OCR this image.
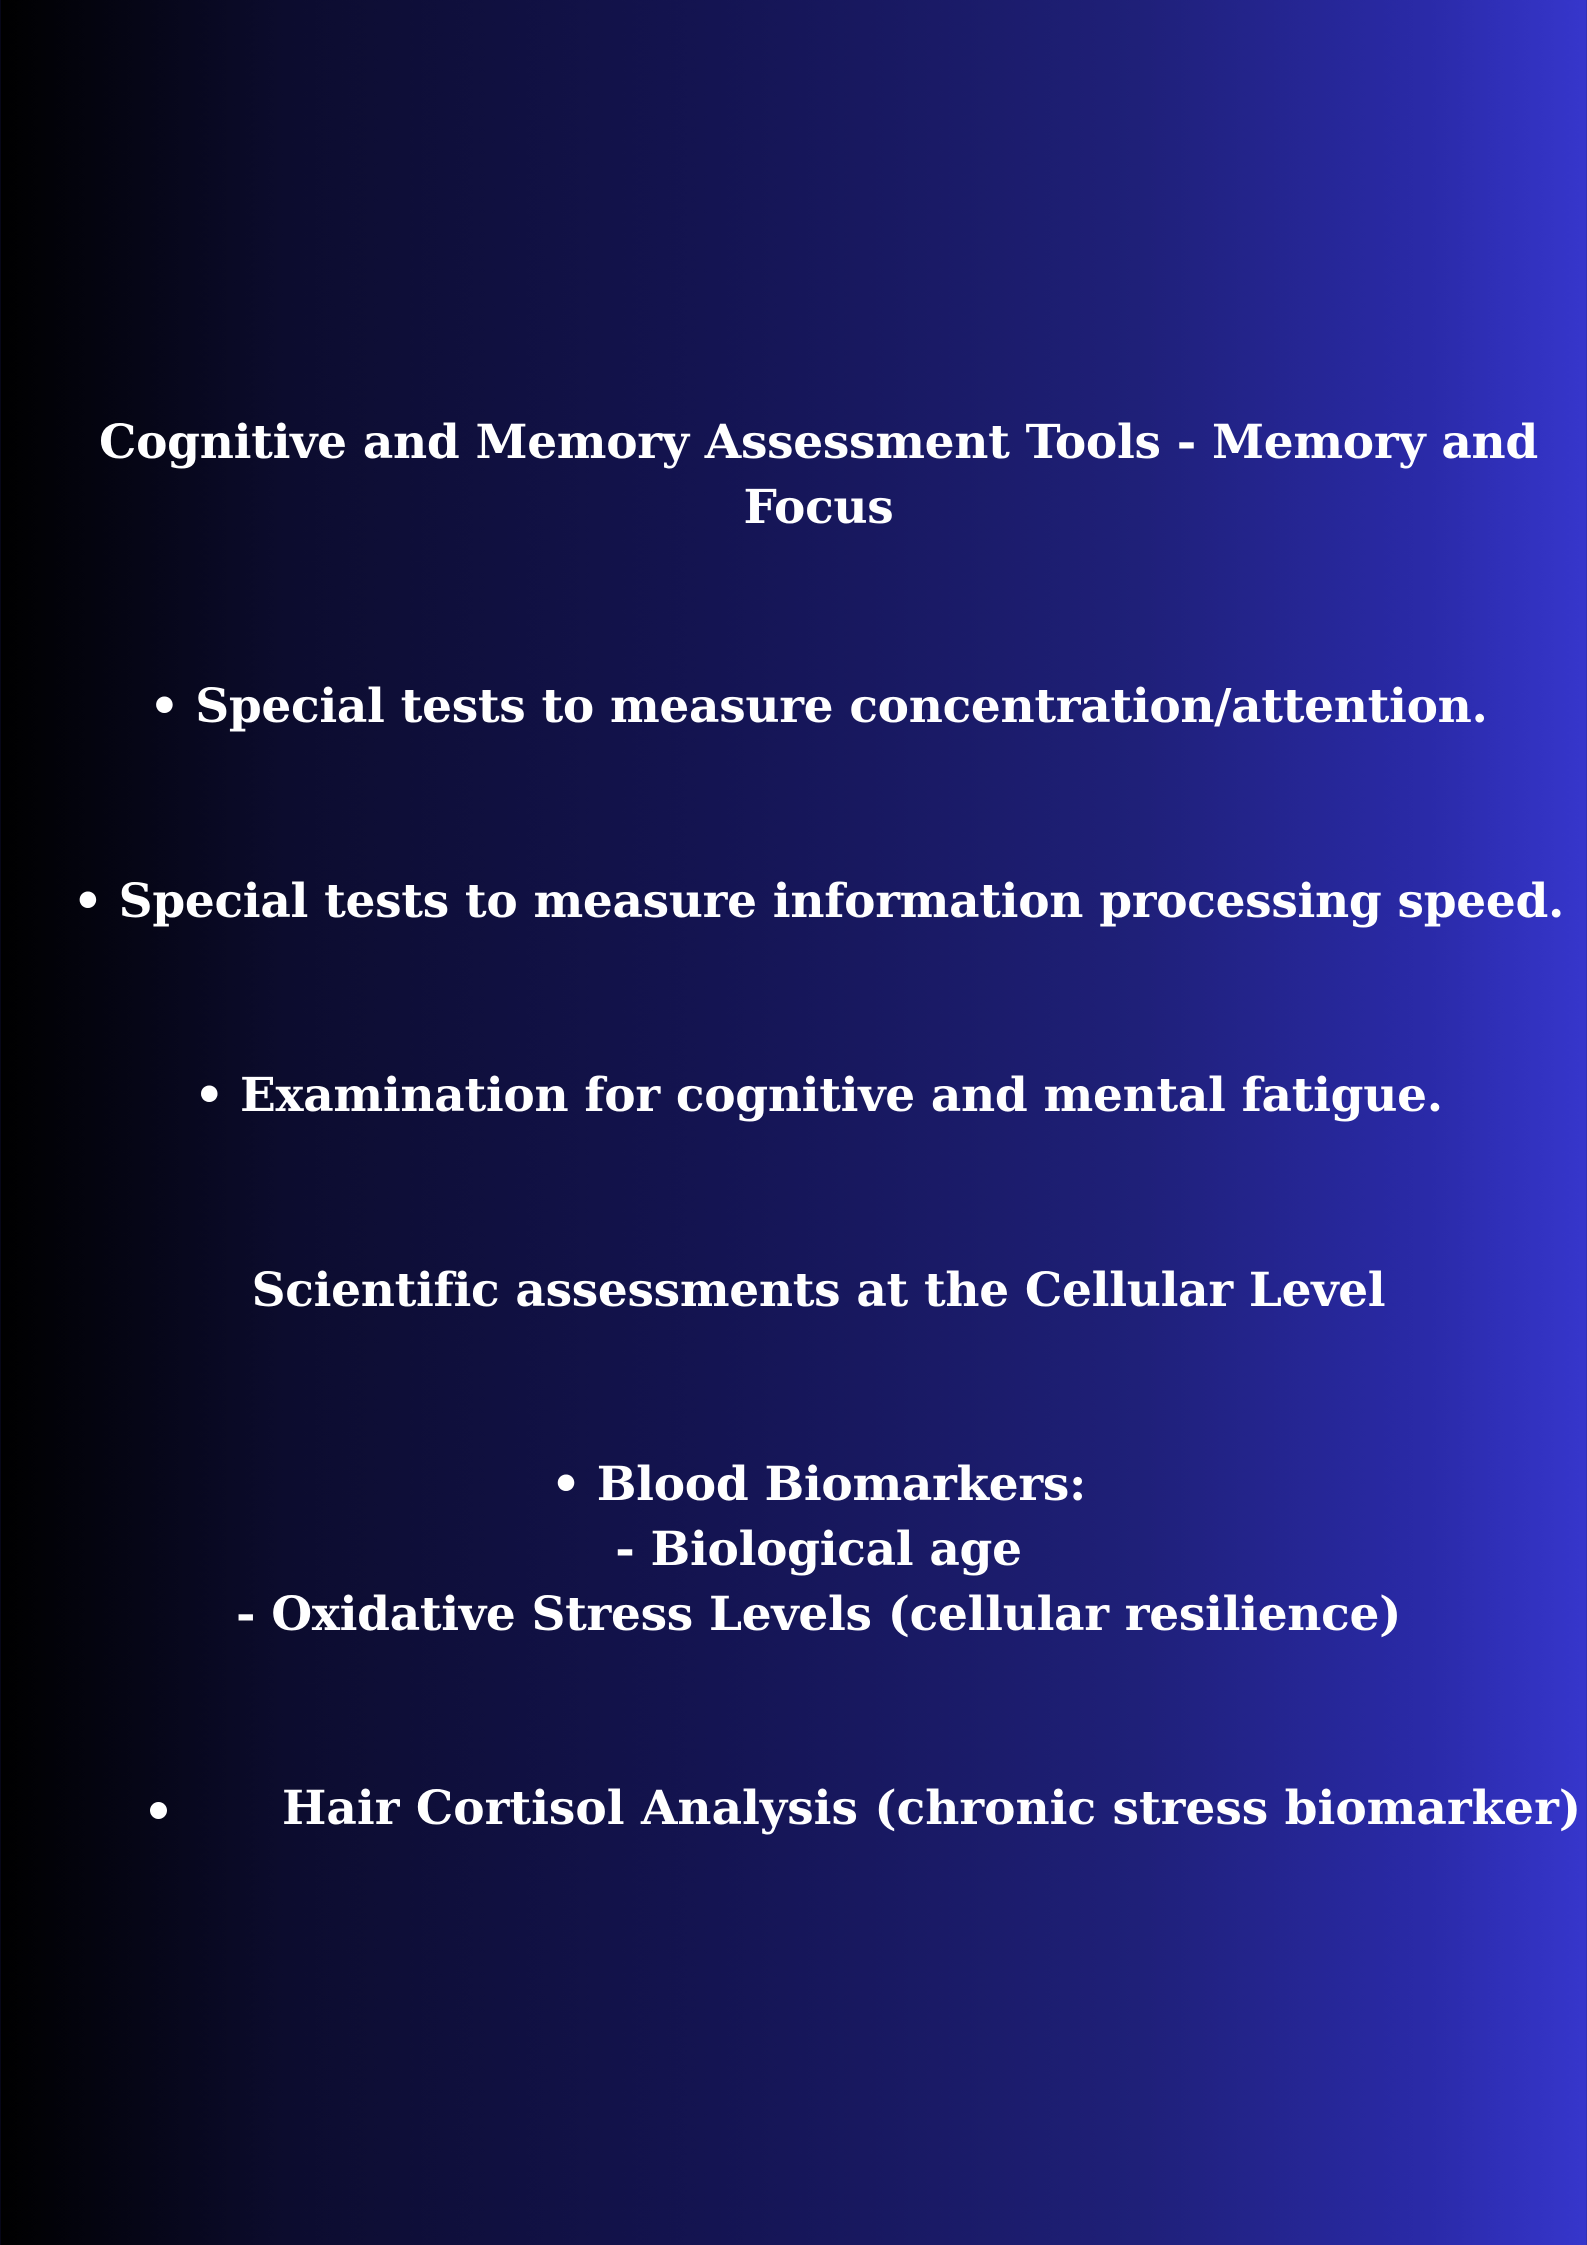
Cognitive and Memory Assessment Tools - Memory and
Focus
• Special tests to measure concentration/attention.
• Special tests to measure information processing speed.
• Examination for cognitive and mental fatigue.
Scientific assessments at the Cellular Level
• Blood Biomarkers:
- Biological age
- Oxidative Stress Levels (cellular resilience)
Hair Cortisol Analysis (chronic stress biomarker)
